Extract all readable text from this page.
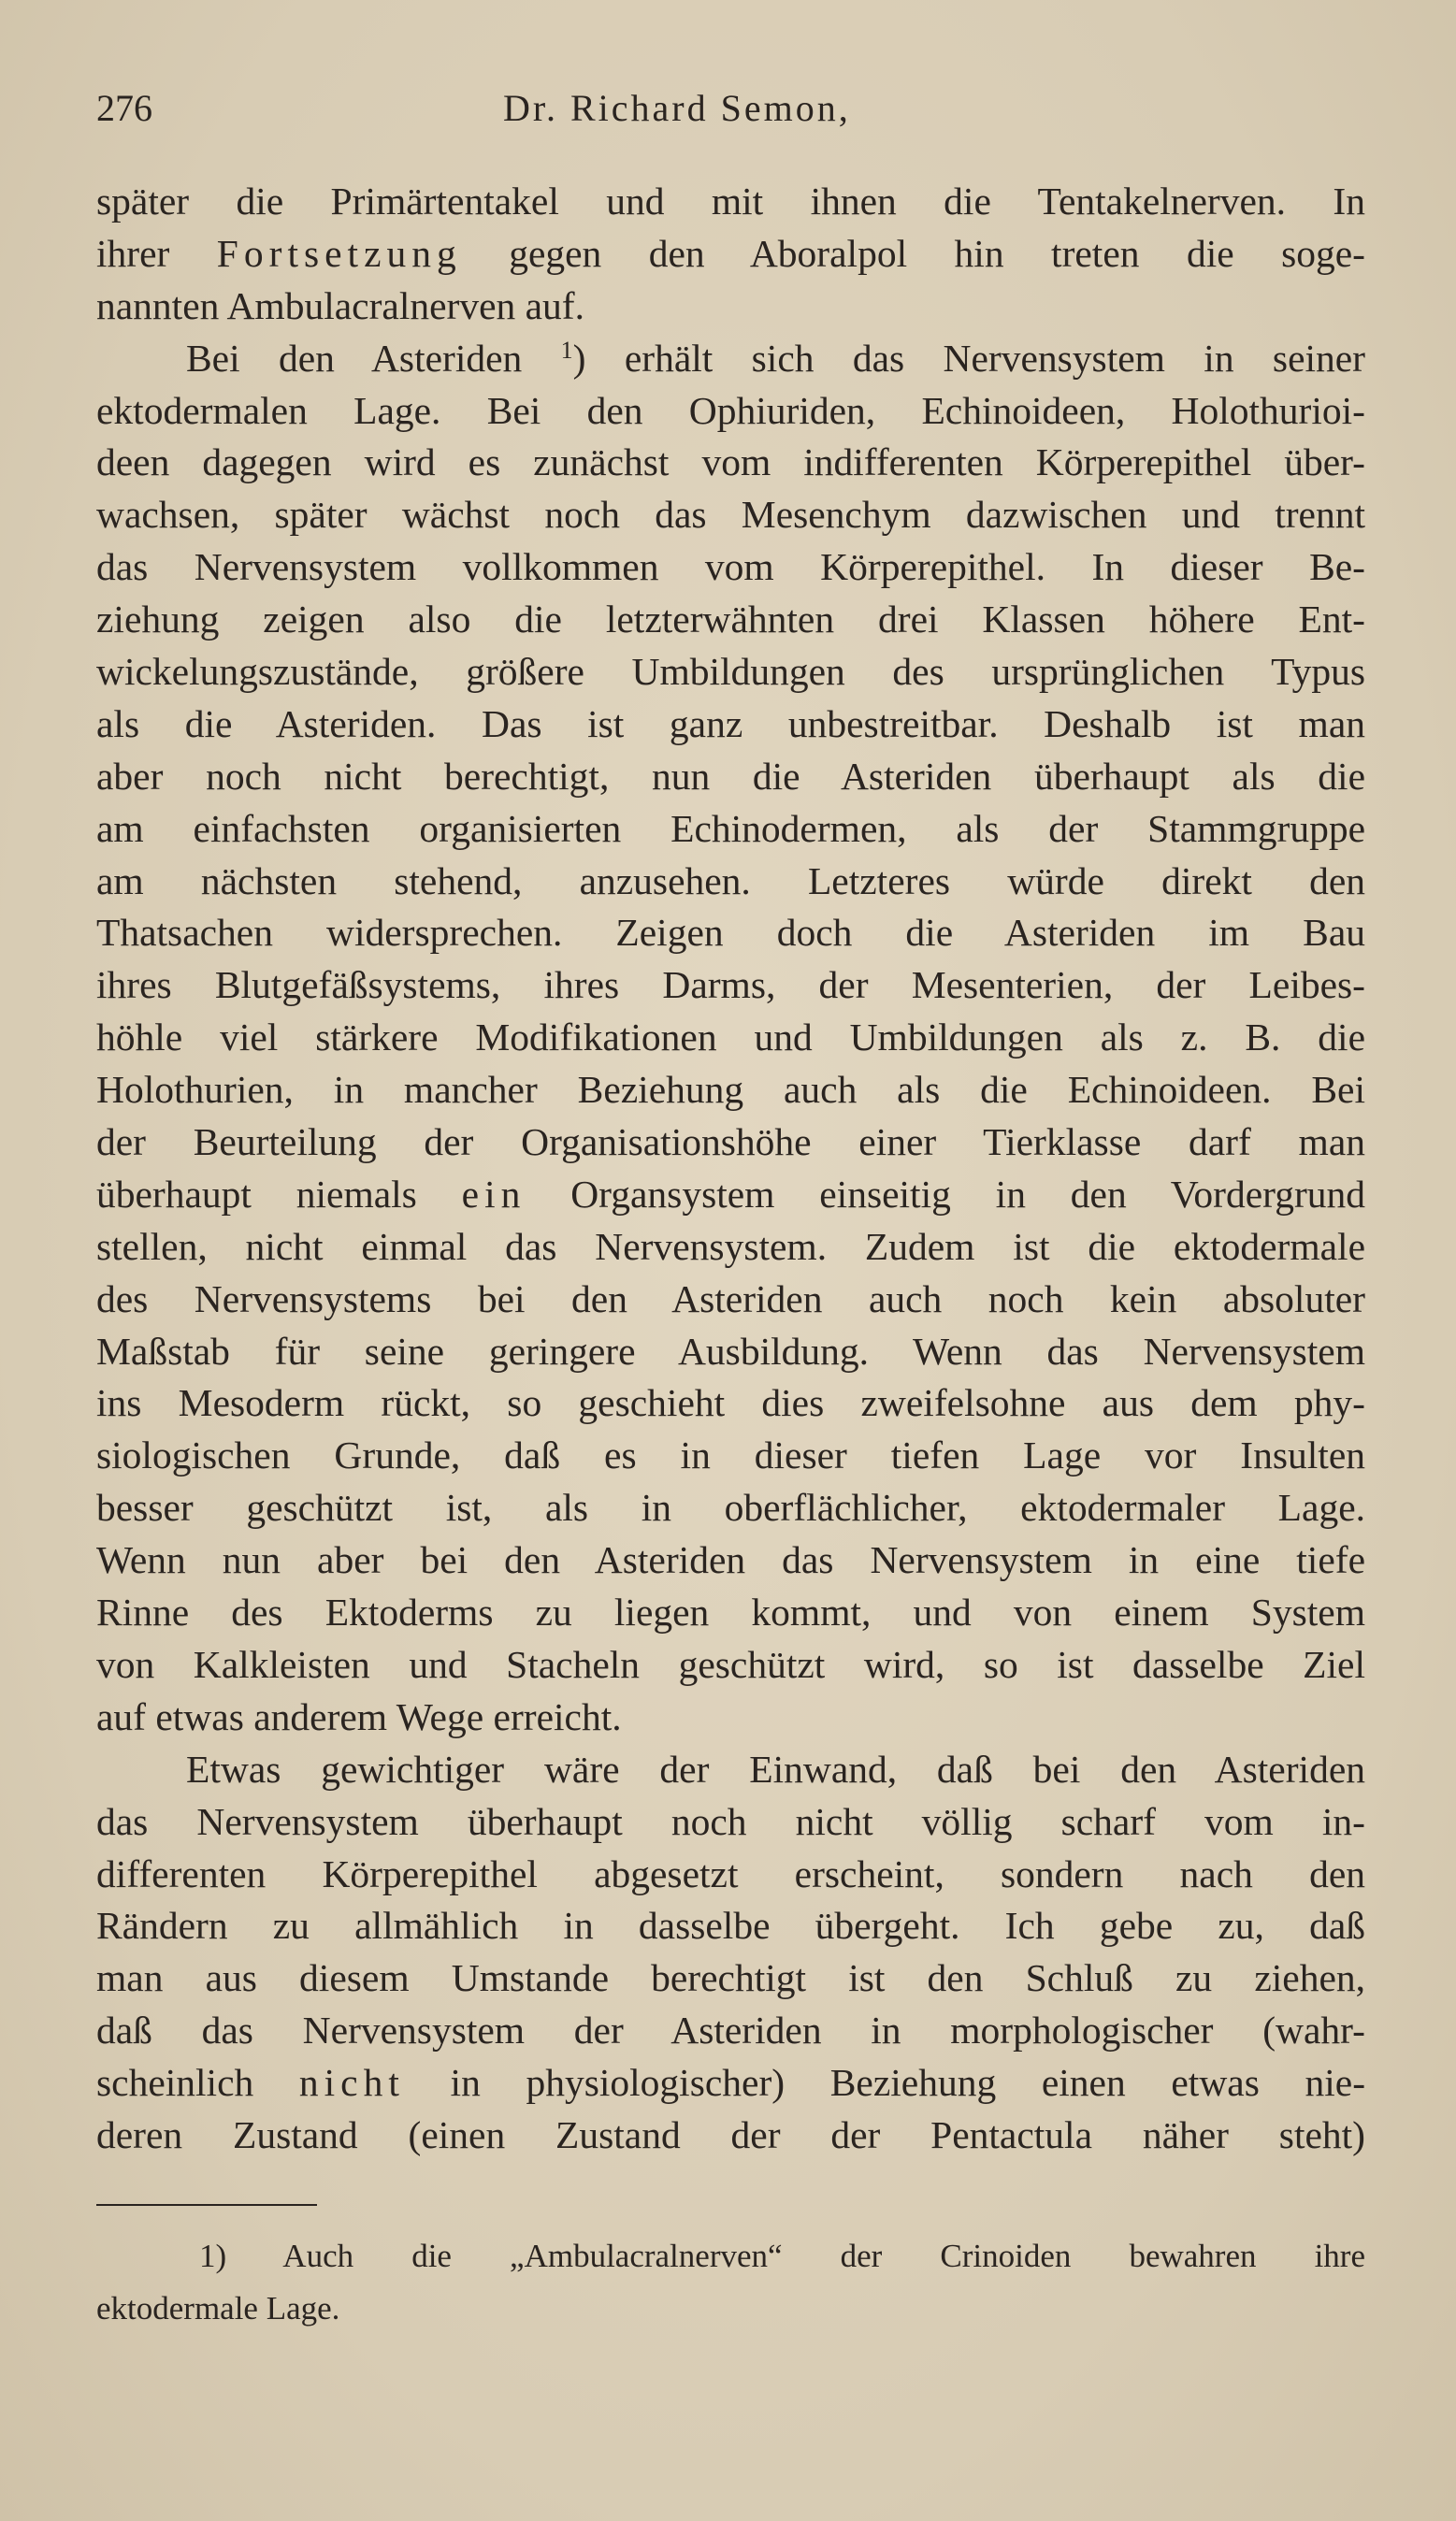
276	Dr. Richard Semon,
später die Primärtentakel und mit ihnen die Tentakelnerven. In
ihrer Fortsetzung gegen den Aboralpol hin treten die soge-
nannten Ambulacralnerven auf.
Bei den Asteriden $^1$) erhält sich das Nervensystem in seiner
ektodermalen Lage. Bei den Ophiuriden, Echinoideen, Holothurioi-
deen dagegen wird es zunächst vom indifferenten Körperepithel über-
wachsen, später wächst noch das Mesenchym dazwischen und trennt
das Nervensystem vollkommen vom Körperepithel. In dieser Be-
ziehung zeigen also die letzterwähnten drei Klassen höhere Ent-
wickelungszustände, größere Umbildungen des ursprünglichen Typus
als die Asteriden. Das ist ganz unbestreitbar. Deshalb ist man
aber noch nicht berechtigt, nun die Asteriden überhaupt als die
am einfachsten organisierten Echinodermen, als der Stammgruppe
am nächsten stehend, anzusehen. Letzteres würde direkt den
Thatsachen widersprechen. Zeigen doch die Asteriden im Bau
ihres Blutgefäßsystems, ihres Darms, der Mesenterien, der Leibes-
höhle viel stärkere Modifikationen und Umbildungen als z. B. die
Holothurien, in mancher Beziehung auch als die Echinoideen. Bei
der Beurteilung der Organisationshöhe einer Tierklasse darf man
überhaupt niemals ein Organsystem einseitig in den Vordergrund
stellen, nicht einmal das Nervensystem. Zudem ist die ektodermale
des Nervensystems bei den Asteriden auch noch kein absoluter
Maßstab für seine geringere Ausbildung. Wenn das Nervensystem
ins Mesoderm rückt, so geschieht dies zweifelsohne aus dem phy-
siologischen Grunde, daß es in dieser tiefen Lage vor Insulten
besser geschützt ist, als in oberflächlicher, ektodermaler Lage.
Wenn nun aber bei den Asteriden das Nervensystem in eine tiefe
Rinne des Ektoderms zu liegen kommt, und von einem System
von Kalkleisten und Stacheln geschützt wird, so ist dasselbe Ziel
auf etwas anderem Wege erreicht.
Etwas gewichtiger wäre der Einwand, daß bei den Asteriden
das Nervensystem überhaupt noch nicht völlig scharf vom in-
differenten Körperepithel abgesetzt erscheint, sondern nach den
Rändern zu allmählich in dasselbe übergeht. Ich gebe zu, daß
man aus diesem Umstande berechtigt ist den Schluß zu ziehen,
daß das Nervensystem der Asteriden in morphologischer (wahr-
scheinlich nicht in physiologischer) Beziehung einen etwas nie-
deren Zustand (einen Zustand der der Pentactula näher steht)
1) Auch die „Ambulacralnerven“ der Crinoiden bewahren ihre
ektodermale Lage.
